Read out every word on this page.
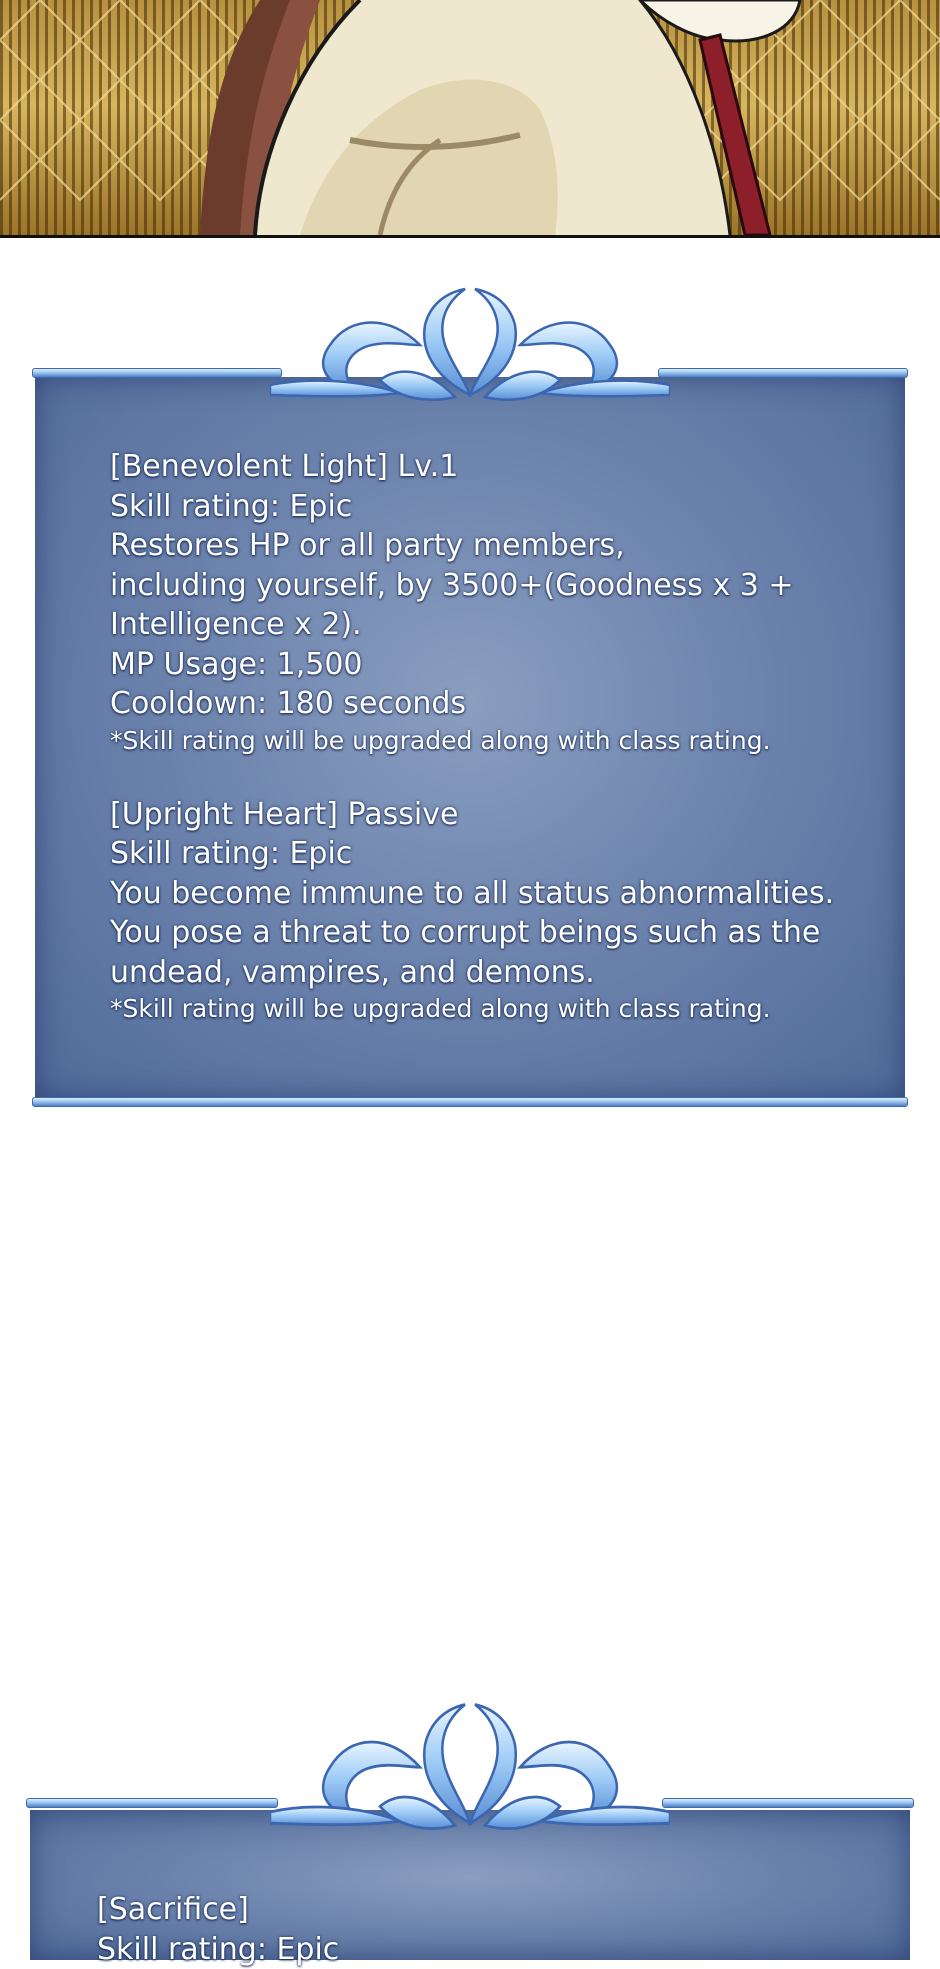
[Benevolent Light] Lv.1
Skill rating: Epic
Restores HP or all party members,
including yourself, by 3500+(Goodness x 3 +
Intelligence x 2).
MP Usage: 1,500
Cooldown: 180 seconds
*Skill rating will be upgraded along with class rating.
[Upright Heart] Passive
Skill rating: Epic
You become immune to all status abnormalities.
You pose a threat to corrupt beings such as the
undead, vampires, and demons.
*Skill rating will be upgraded along with class rating.
[Sacrifice]
Skill rating: Epic
